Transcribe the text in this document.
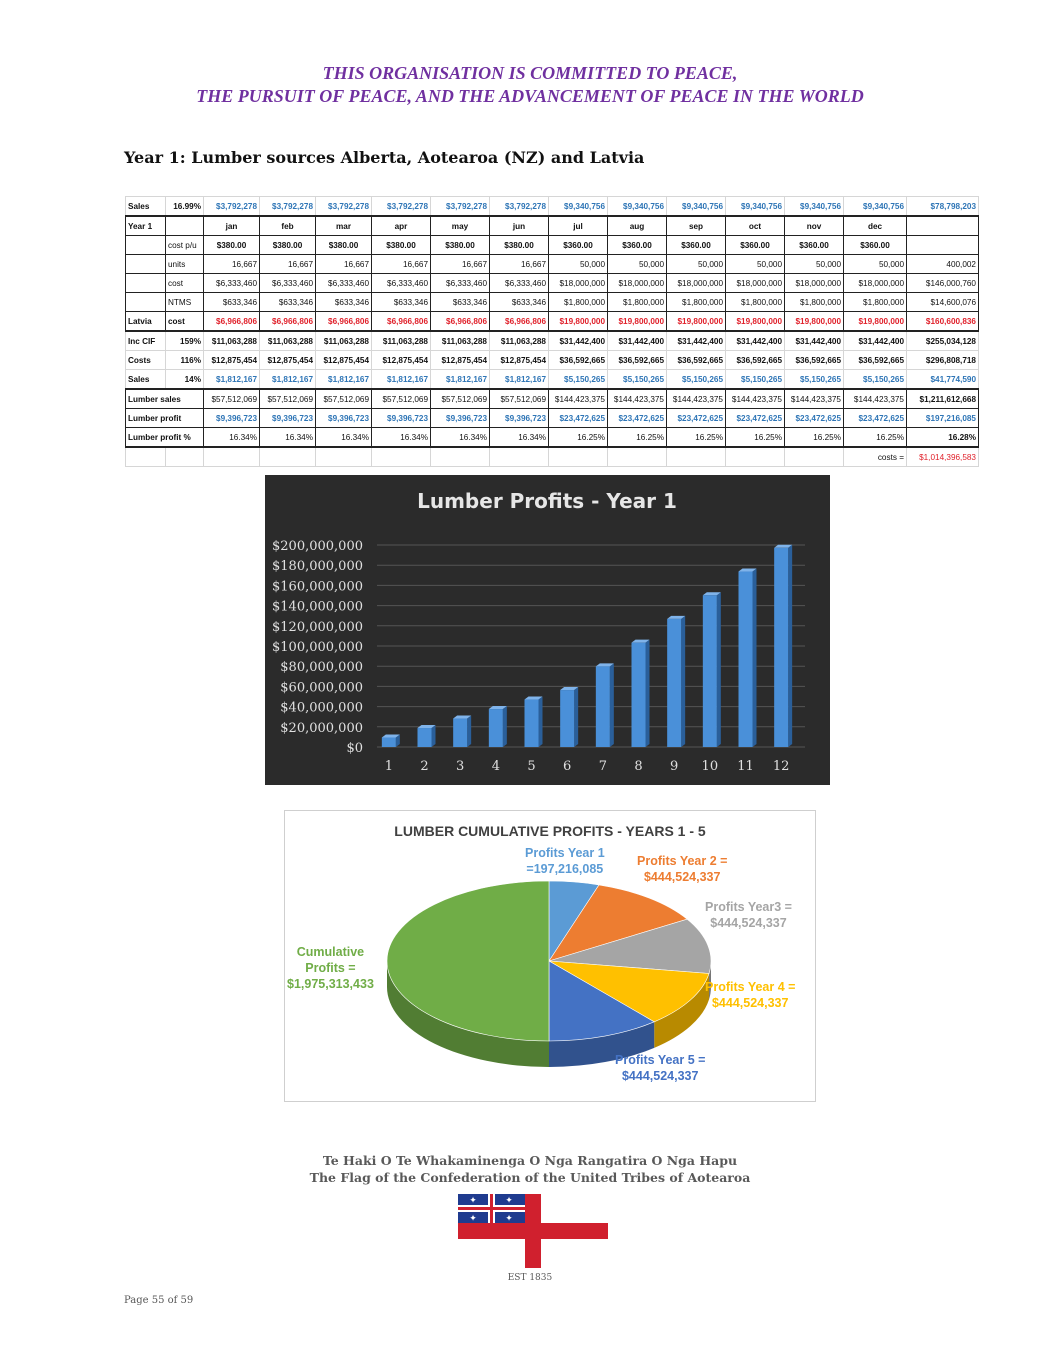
THIS ORGANISATION IS COMMITTED TO PEACE,
THE PURSUIT OF PEACE, AND THE ADVANCEMENT OF PEACE IN THE WORLD
Year 1: Lumber sources Alberta, Aotearoa (NZ) and Latvia
Sales	16.99%	$3,792,278	$3,792,278	$3,792,278	$3,792,278	$3,792,278	$3,792,278	$9,340,756	$9,340,756	$9,340,756	$9,340,756	$9,340,756	$9,340,756	$78,798,203
Year 1		jan	feb	mar	apr	may	jun	jul	aug	sep	oct	nov	dec	
	cost p/u	$380.00	$380.00	$380.00	$380.00	$380.00	$380.00	$360.00	$360.00	$360.00	$360.00	$360.00	$360.00	
	units	16,667	16,667	16,667	16,667	16,667	16,667	50,000	50,000	50,000	50,000	50,000	50,000	400,002
	cost	$6,333,460	$6,333,460	$6,333,460	$6,333,460	$6,333,460	$6,333,460	$18,000,000	$18,000,000	$18,000,000	$18,000,000	$18,000,000	$18,000,000	$146,000,760
	NTMS	$633,346	$633,346	$633,346	$633,346	$633,346	$633,346	$1,800,000	$1,800,000	$1,800,000	$1,800,000	$1,800,000	$1,800,000	$14,600,076
Latvia	cost	$6,966,806	$6,966,806	$6,966,806	$6,966,806	$6,966,806	$6,966,806	$19,800,000	$19,800,000	$19,800,000	$19,800,000	$19,800,000	$19,800,000	$160,600,836
Inc CIF	159%	$11,063,288	$11,063,288	$11,063,288	$11,063,288	$11,063,288	$11,063,288	$31,442,400	$31,442,400	$31,442,400	$31,442,400	$31,442,400	$31,442,400	$255,034,128
Costs	116%	$12,875,454	$12,875,454	$12,875,454	$12,875,454	$12,875,454	$12,875,454	$36,592,665	$36,592,665	$36,592,665	$36,592,665	$36,592,665	$36,592,665	$296,808,718
Sales	14%	$1,812,167	$1,812,167	$1,812,167	$1,812,167	$1,812,167	$1,812,167	$5,150,265	$5,150,265	$5,150,265	$5,150,265	$5,150,265	$5,150,265	$41,774,590
Lumber sales		$57,512,069	$57,512,069	$57,512,069	$57,512,069	$57,512,069	$57,512,069	$144,423,375	$144,423,375	$144,423,375	$144,423,375	$144,423,375	$144,423,375	$1,211,612,668
Lumber profit		$9,396,723	$9,396,723	$9,396,723	$9,396,723	$9,396,723	$9,396,723	$23,472,625	$23,472,625	$23,472,625	$23,472,625	$23,472,625	$23,472,625	$197,216,085
Lumber profit %		16.34%	16.34%	16.34%	16.34%	16.34%	16.34%	16.25%	16.25%	16.25%	16.25%	16.25%	16.25%	16.28%
													costs =	$1,014,396,583
Lumber Profits - Year 1
$0
$20,000,000
$40,000,000
$60,000,000
$80,000,000
$100,000,000
$120,000,000
$140,000,000
$160,000,000
$180,000,000
$200,000,000
1 2 3 4 5 6 7 8 9 10 11 12
LUMBER CUMULATIVE PROFITS - YEARS 1 - 5
Profits Year 1
=197,216,085
Profits Year 2 =
$444,524,337
Profits Year3 =
$444,524,337
Profits Year 4 =
$444,524,337
Profits Year 5 =
$444,524,337
Cumulative
Profits =
$1,975,313,433
Te Haki O Te Whakaminenga O Nga Rangatira O Nga Hapu
The Flag of the Confederation of the United Tribes of Aotearoa
✦	✦
✦	✦
EST 1835
Page 55 of 59
